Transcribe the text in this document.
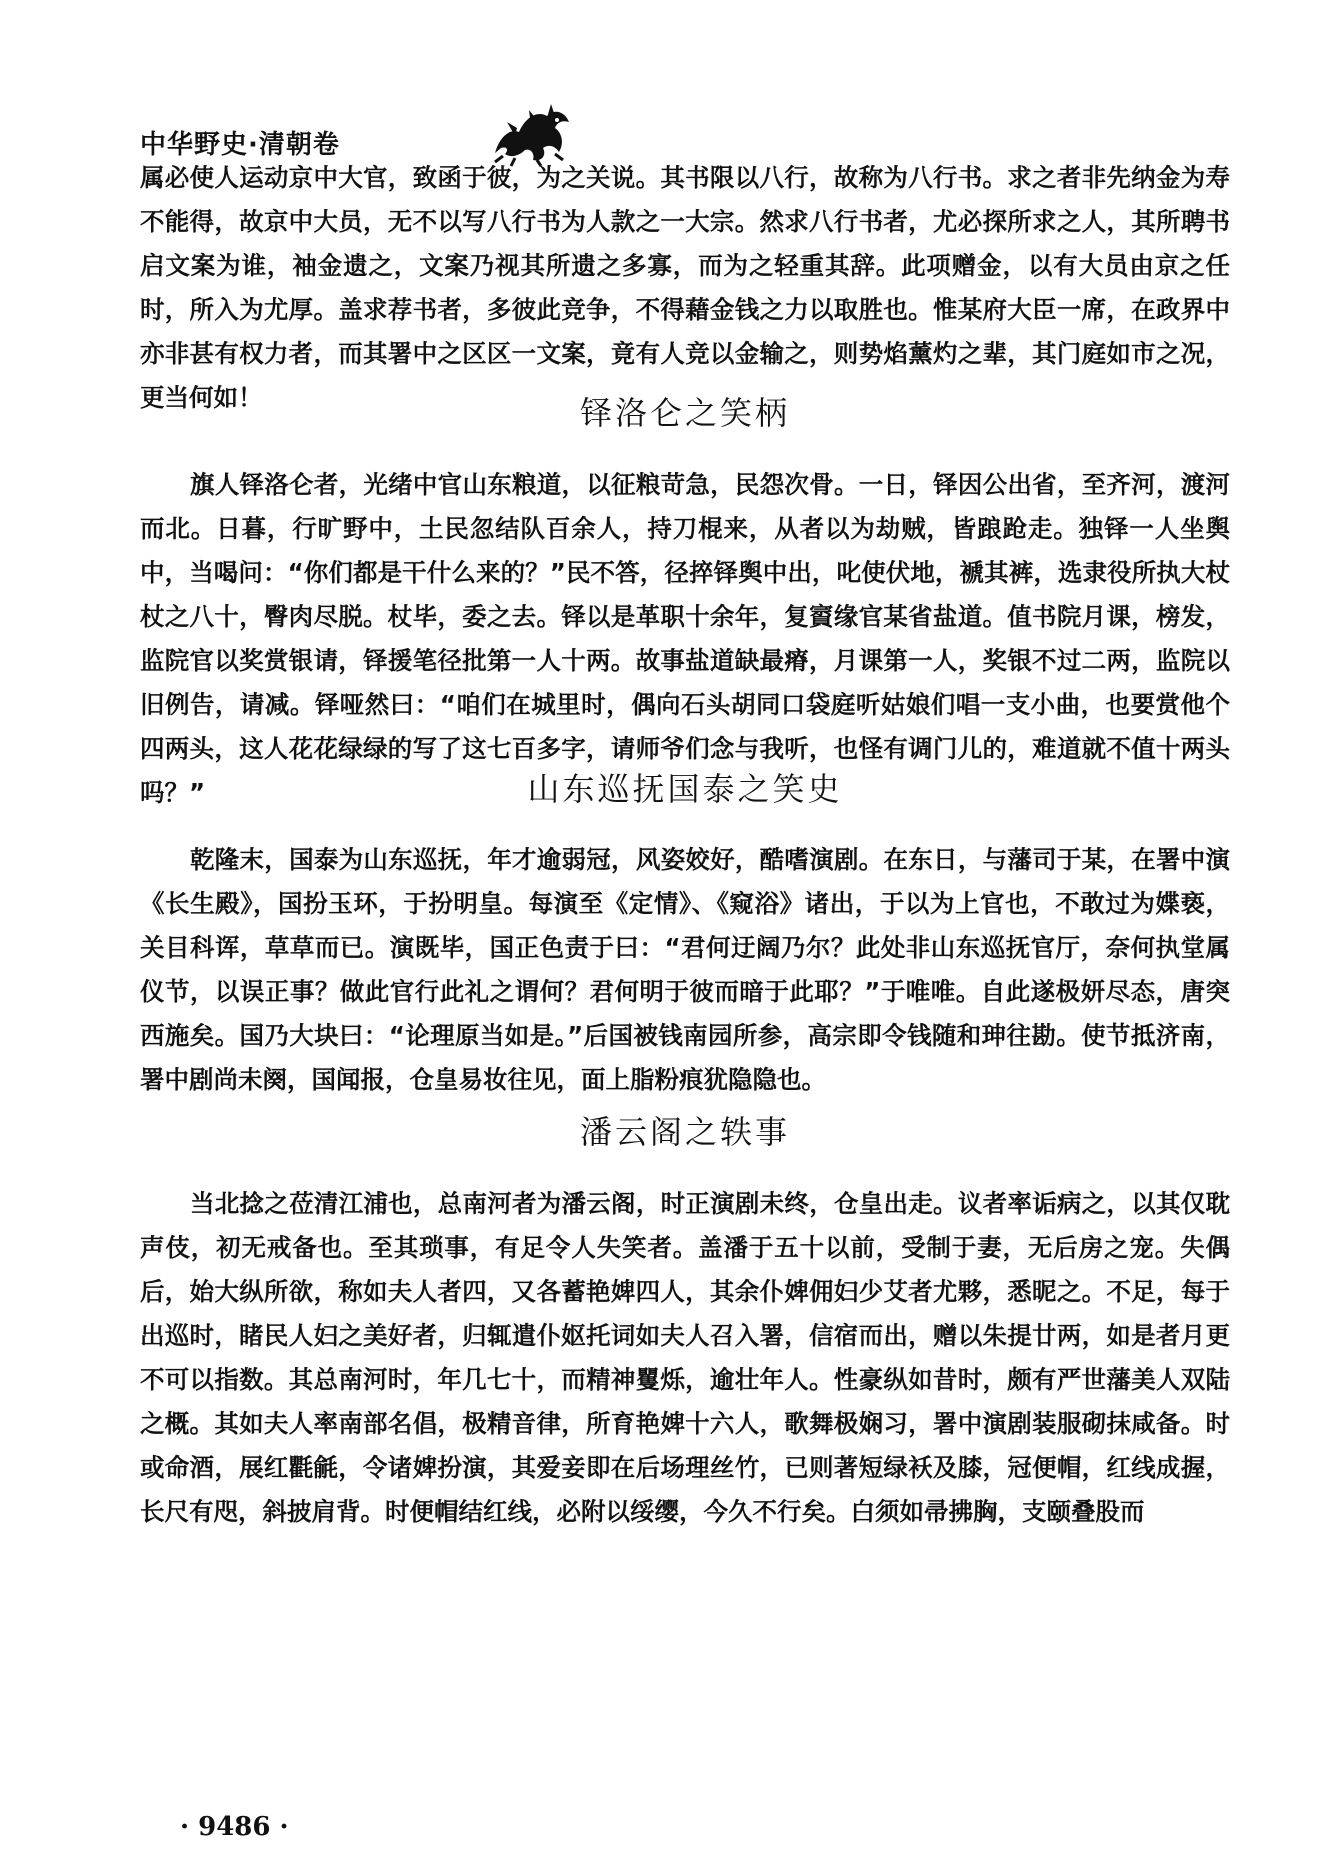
中华野史·清朝卷

属必使人运动京中大官，致函于彼，为之关说。其书限以八行，故称为八行书。求之者非先纳金为寿不能得，故京中大员，无不以写八行书为人款之一大宗。然求八行书者，尤必探所求之人，其所聘书启文案为谁，袖金遗之，文案乃视其所遗之多寡，而为之轻重其辞。此项赠金，以有大员由京之任时，所入为尤厚。盖求荐书者，多彼此竞争，不得藉金钱之力以取胜也。惟某府大臣一席，在政界中亦非甚有权力者，而其署中之区区一文案，竟有人竞以金输之，则势焰薰灼之辈，其门庭如市之况，更当何如！	铎洛仑之笑柄

旗人铎洛仑者，光绪中官山东粮道，以征粮苛急，民怨次骨。一日，铎因公出省，至齐河，渡河而北。日暮，行旷野中，土民忽结队百余人，持刀棍来，从者以为劫贼，皆踉跄走。独铎一人坐舆中，当喝问：“你们都是干什么来的？”民不答，径捽铎舆中出，叱使伏地，褫其裤，选隶役所执大杖杖之八十，臀肉尽脱。杖毕，委之去。铎以是革职十余年，复賨缘官某省盐道。值书院月课，榜发，监院官以奖赏银请，铎援笔径批第一人十两。故事盐道缺最瘠，月课第一人，奖银不过二两，监院以旧例告，请减。铎哑然曰：“咱们在城里时，偶向石头胡同口袋庭听姑娘们唱一支小曲，也要赏他个四两头，这人花花绿绿的写了这七百多字，请师爷们念与我听，也怪有调门儿的，难道就不值十两头吗？”	山东巡抚国泰之笑史

乾隆末，国泰为山东巡抚，年才逾弱冠，风姿姣好，酷嗜演剧。在东日，与藩司于某，在署中演《长生殿》，国扮玉环，于扮明皇。每演至《定情》、《窥浴》诸出，于以为上官也，不敢过为媟亵，关目科诨，草草而已。演既毕，国正色责于曰：“君何迂阔乃尔？此处非山东巡抚官厅，奈何执堂属仪节，以误正事？做此官行此礼之谓何？君何明于彼而暗于此耶？”于唯唯。自此遂极妍尽态，唐突西施矣。国乃大块曰：“论理原当如是。”后国被钱南园所参，高宗即令钱随和珅往勘。使节抵济南，署中剧尚未阕，国闻报，仓皇易妆往见，面上脂粉痕犹隐隐也。

潘云阁之轶事

当北捻之莅清江浦也，总南河者为潘云阁，时正演剧未终，仓皇出走。议者率诟病之，以其仅耽声伎，初无戒备也。至其琐事，有足令人失笑者。盖潘于五十以前，受制于妻，无后房之宠。失偶后，始大纵所欲，称如夫人者四，又各蓄艳婢四人，其余仆婢佣妇少艾者尤夥，悉昵之。不足，每于出巡时，睹民人妇之美好者，归辄遣仆妪托词如夫人召入署，信宿而出，赠以朱提廿两，如是者月更不可以指数。其总南河时，年几七十，而精神矍烁，逾壮年人。性豪纵如昔时，颇有严世藩美人双陆之概。其如夫人率南部名倡，极精音律，所育艳婢十六人，歌舞极娴习，署中演剧装服砌抹咸备。时或命酒，展红氍毹，令诸婢扮演，其爱妾即在后场理丝竹，已则著短绿袄及膝，冠便帽，红线成握，长尺有咫，斜披肩背。时便帽结红线，必附以绥缨，今久不行矣。白须如帚拂胸，支颐叠股而

· 9486 ·
